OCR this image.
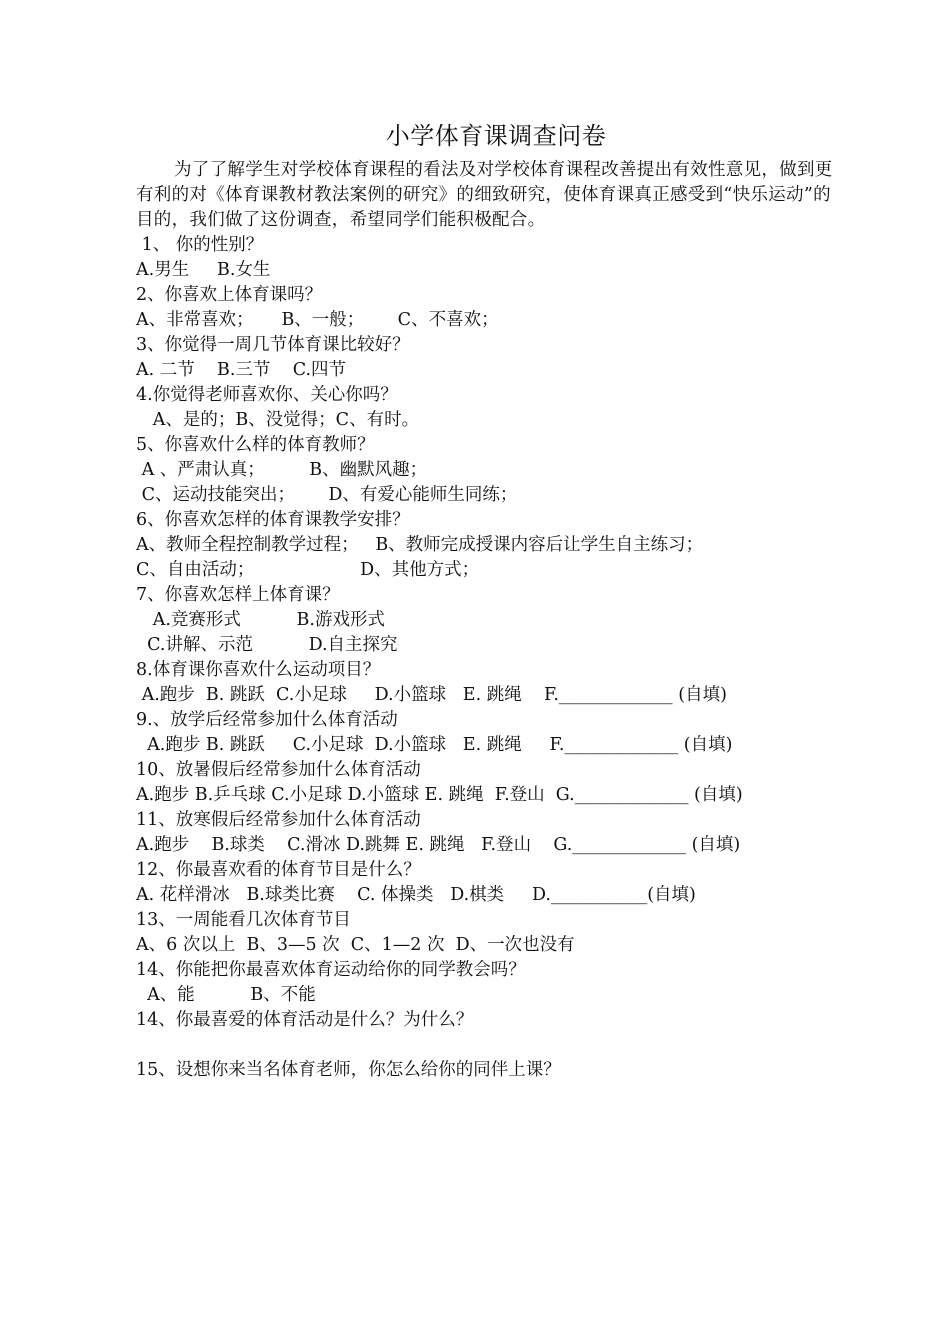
小学体育课调查问卷

为了了解学生对学校体育课程的看法及对学校体育课程改善提出有效性意见，做到更有利的对《体育课教材教法案例的研究》的细致研究，使体育课真正感受到“快乐运动”的目的，我们做了这份调查，希望同学们能积极配合。

1、 你的性别？
A.男生     B.女生
2、你喜欢上体育课吗？
A、非常喜欢；     B、一般；      C、不喜欢；
3、你觉得一周几节体育课比较好？
A. 二节    B.三节    C.四节
4.你觉得老师喜欢你、关心你吗？
A、是的；B、没觉得；C、有时。
5、你喜欢什么样的体育教师？
A 、严肃认真；        B、幽默风趣；
C、运动技能突出；      D、有爱心能师生同练；
6、你喜欢怎样的体育课教学安排？
A、教师全程控制教学过程；   B、教师完成授课内容后让学生自主练习；
C、自由活动；                   D、其他方式；
7、你喜欢怎样上体育课？
A.竞赛形式          B.游戏形式
C.讲解、示范          D.自主探究
8.体育课你喜欢什么运动项目？
A.跑步  B. 跳跃  C.小足球     D.小篮球   E. 跳绳    F._____________ (自填)
9.、放学后经常参加什么体育活动
A.跑步 B. 跳跃     C.小足球  D.小篮球   E. 跳绳     F._____________ (自填)
10、放暑假后经常参加什么体育活动
A.跑步 B.乒乓球 C.小足球 D.小篮球 E. 跳绳  F.登山  G._____________ (自填)
11、放寒假后经常参加什么体育活动
A.跑步    B.球类    C.滑冰 D.跳舞 E. 跳绳   F.登山    G._____________ (自填)
12、你最喜欢看的体育节目是什么？
A. 花样滑冰   B.球类比赛    C. 体操类   D.棋类     D.___________(自填)
13、一周能看几次体育节目
A、6 次以上  B、3—5 次  C、1—2 次  D、一次也没有
14、你能把你最喜欢体育运动给你的同学教会吗？
A、能          B、不能
14、你最喜爱的体育活动是什么？为什么？
15、设想你来当名体育老师，你怎么给你的同伴上课？
